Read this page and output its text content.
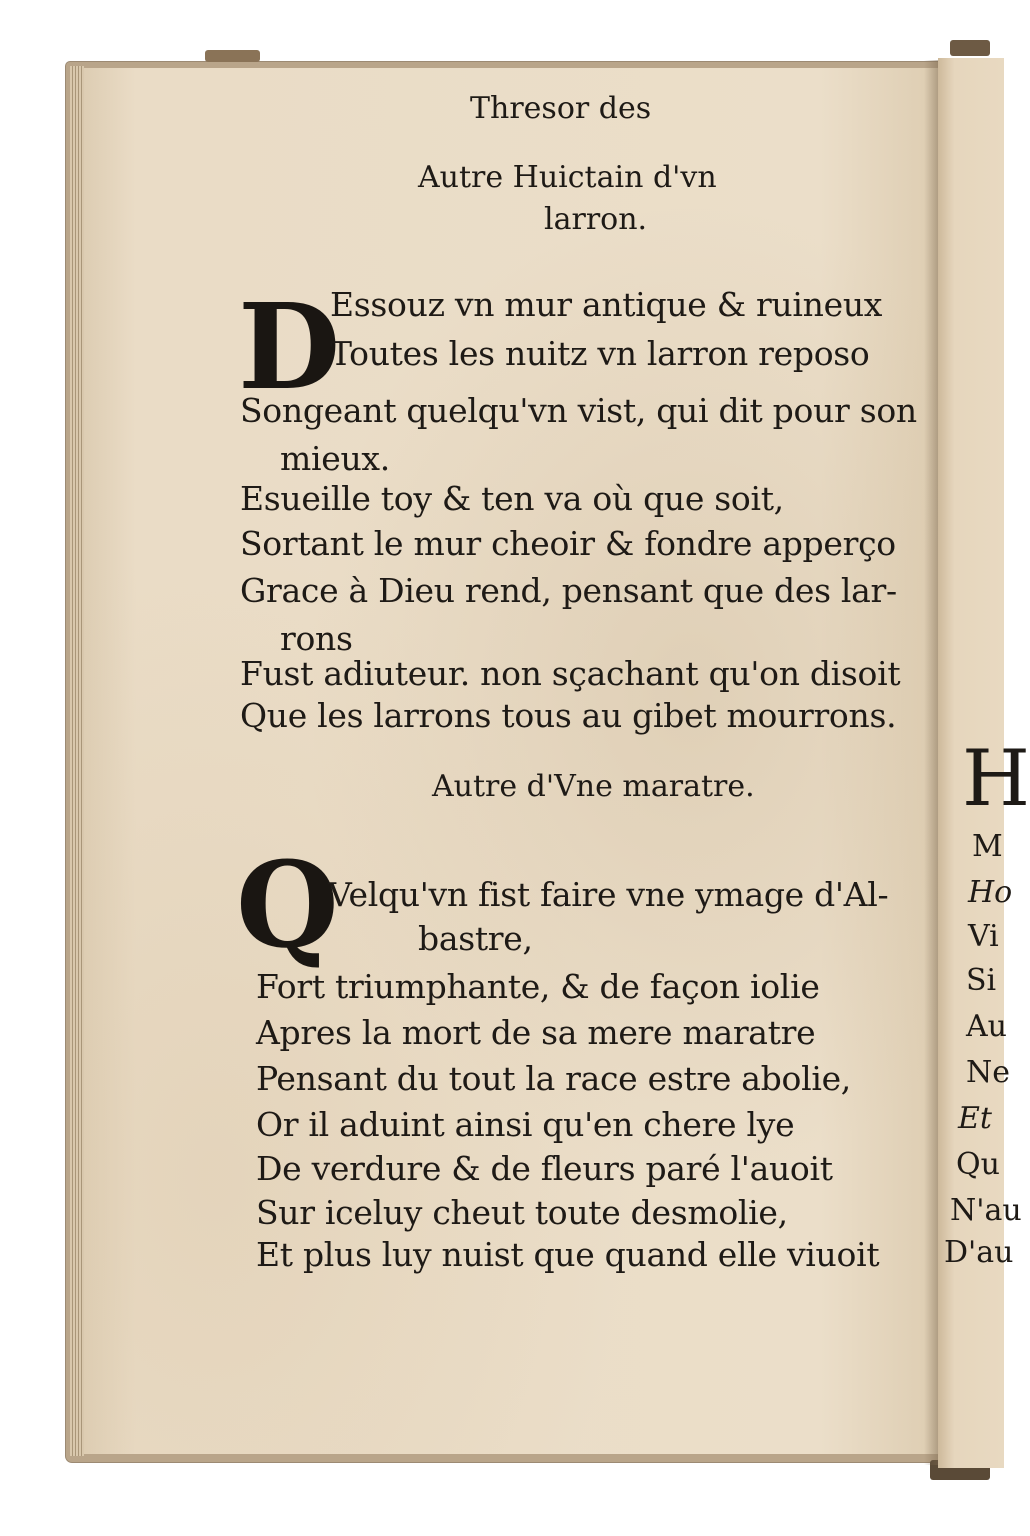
Thresor des
Autre Huictain d'vn
larron.
D
Essouz vn mur antique & ruineux
Toutes les nuitz vn larron reposo
Songeant quelqu'vn vist, qui dit pour son
mieux.
Esueille toy & ten va où que soit,
Sortant le mur cheoir & fondre apperço
Grace à Dieu rend, pensant que des lar-
rons
Fust adiuteur. non sçachant qu'on disoit
Que les larrons tous au gibet mourrons.
Autre d'Vne maratre.
Q
Velqu'vn fist faire vne ymage d'Al-
bastre,
Fort triumphante, & de façon iolie
Apres la mort de sa mere maratre
Pensant du tout la race estre abolie,
Or il aduint ainsi qu'en chere lye
De verdure & de fleurs paré l'auoit
Sur iceluy cheut toute desmolie,
Et plus luy nuist que quand elle viuoit
H
M
Ho
Vi
Si
Au
Ne
Et
Qu
N'au
D'au
